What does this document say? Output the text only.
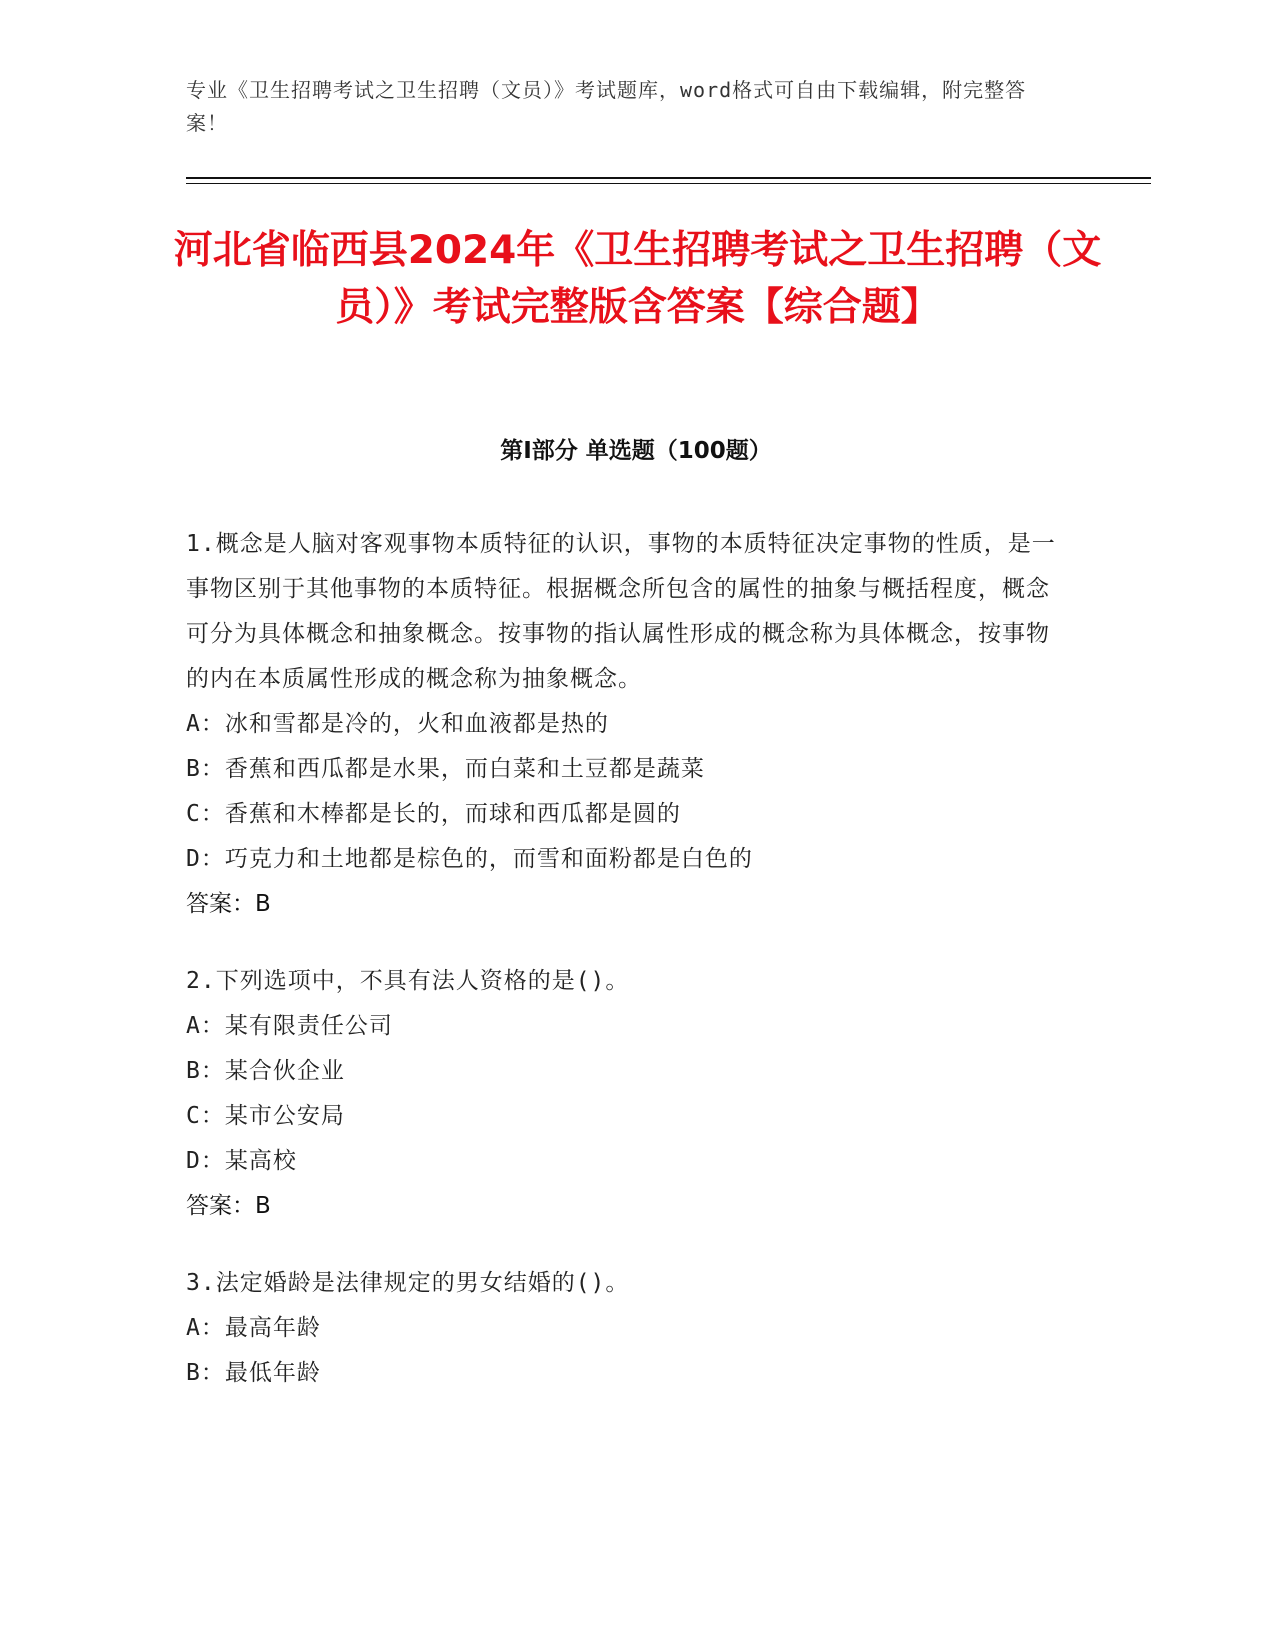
专业《卫生招聘考试之卫生招聘（文员）》考试题库，word格式可自由下载编辑，附完整答案！
河北省临西县2024年《卫生招聘考试之卫生招聘（文员）》考试完整版含答案【综合题】
第I部分 单选题（100题）

1.概念是人脑对客观事物本质特征的认识，事物的本质特征决定事物的性质，是一事物区别于其他事物的本质特征。根据概念所包含的属性的抽象与概括程度，概念可分为具体概念和抽象概念。按事物的指认属性形成的概念称为具体概念，按事物的内在本质属性形成的概念称为抽象概念。

A：冰和雪都是冷的，火和血液都是热的

B：香蕉和西瓜都是水果，而白菜和土豆都是蔬菜

C：香蕉和木棒都是长的，而球和西瓜都是圆的

D：巧克力和土地都是棕色的，而雪和面粉都是白色的

答案：B

2.下列选项中，不具有法人资格的是()。

A：某有限责任公司

B：某合伙企业

C：某市公安局

D：某高校

答案：B

3.法定婚龄是法律规定的男女结婚的()。

A：最高年龄

B：最低年龄
